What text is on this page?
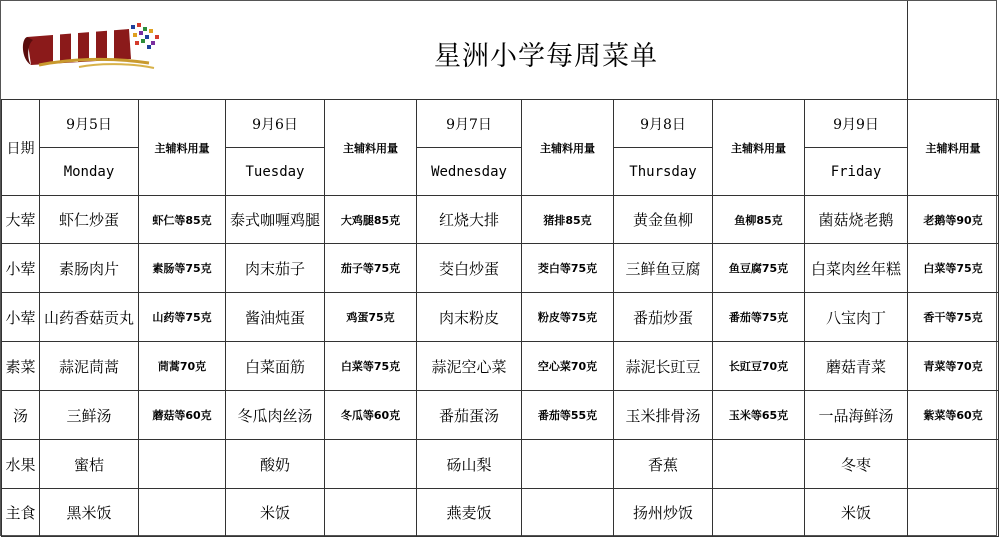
星洲小学每周菜单
日期	9月5日	主辅料用量	9月6日	主辅料用量	9月7日	主辅料用量	9月8日	主辅料用量	9月9日	主辅料用量
	Monday		Tuesday		Wednesday		Thursday		Friday	
大荤	虾仁炒蛋	虾仁等85克	泰式咖喱鸡腿	大鸡腿85克	红烧大排	猪排85克	黄金鱼柳	鱼柳85克	菌菇烧老鹅	老鹅等90克
小荤	素肠肉片	素肠等75克	肉末茄子	茄子等75克	茭白炒蛋	茭白等75克	三鲜鱼豆腐	鱼豆腐75克	白菜肉丝年糕	白菜等75克
小荤	山药香菇贡丸	山药等75克	酱油炖蛋	鸡蛋75克	肉末粉皮	粉皮等75克	番茄炒蛋	番茄等75克	八宝肉丁	香干等75克
素菜	蒜泥茼蒿	茼蒿70克	白菜面筋	白菜等75克	蒜泥空心菜	空心菜70克	蒜泥长豇豆	长豇豆70克	蘑菇青菜	青菜等70克
汤	三鲜汤	蘑菇等60克	冬瓜肉丝汤	冬瓜等60克	番茄蛋汤	番茄等55克	玉米排骨汤	玉米等65克	一品海鲜汤	紫菜等60克
水果	蜜桔		酸奶		砀山梨		香蕉		冬枣	
主食	黑米饭		米饭		燕麦饭		扬州炒饭		米饭	
